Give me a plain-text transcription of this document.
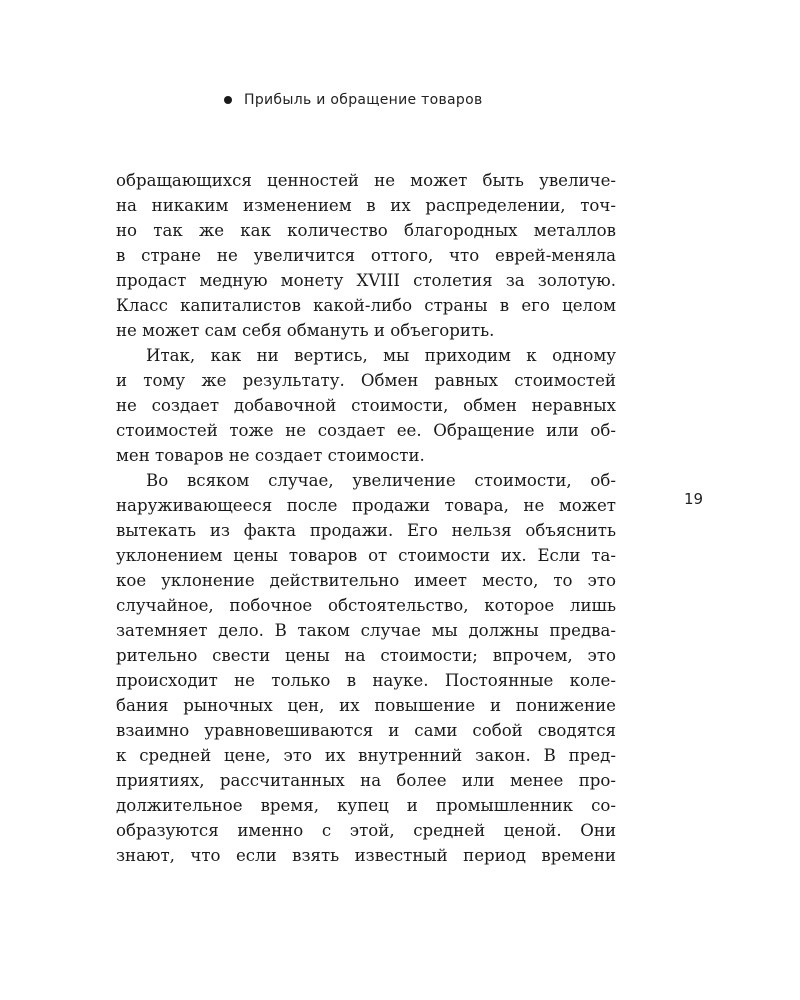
Прибыль и обращение товаров
19
обращающихся ценностей не может быть увеличе-
на никаким изменением в их распределении, точ-
но так же как количество благородных металлов
в стране не увеличится оттого, что еврей-меняла
продаст медную монету XVIII столетия за золотую.
Класс капиталистов какой-либо страны в его целом
не может сам себя обмануть и объегорить.
Итак, как ни вертись, мы приходим к одному
и тому же результату. Обмен равных стоимостей
не создает добавочной стоимости, обмен неравных
стоимостей тоже не создает ее. Обращение или об-
мен товаров не создает стоимости.
Во всяком случае, увеличение стоимости, об-
наруживающееся после продажи товара, не может
вытекать из факта продажи. Его нельзя объяснить
уклонением цены товаров от стоимости их. Если та-
кое уклонение действительно имеет место, то это
случайное, побочное обстоятельство, которое лишь
затемняет дело. В таком случае мы должны предва-
рительно свести цены на стоимости; впрочем, это
происходит не только в науке. Постоянные коле-
бания рыночных цен, их повышение и понижение
взаимно уравновешиваются и сами собой сводятся
к средней цене, это их внутренний закон. В пред-
приятиях, рассчитанных на более или менее про-
должительное время, купец и промышленник со-
образуются именно с этой, средней ценой. Они
знают, что если взять известный период времени
